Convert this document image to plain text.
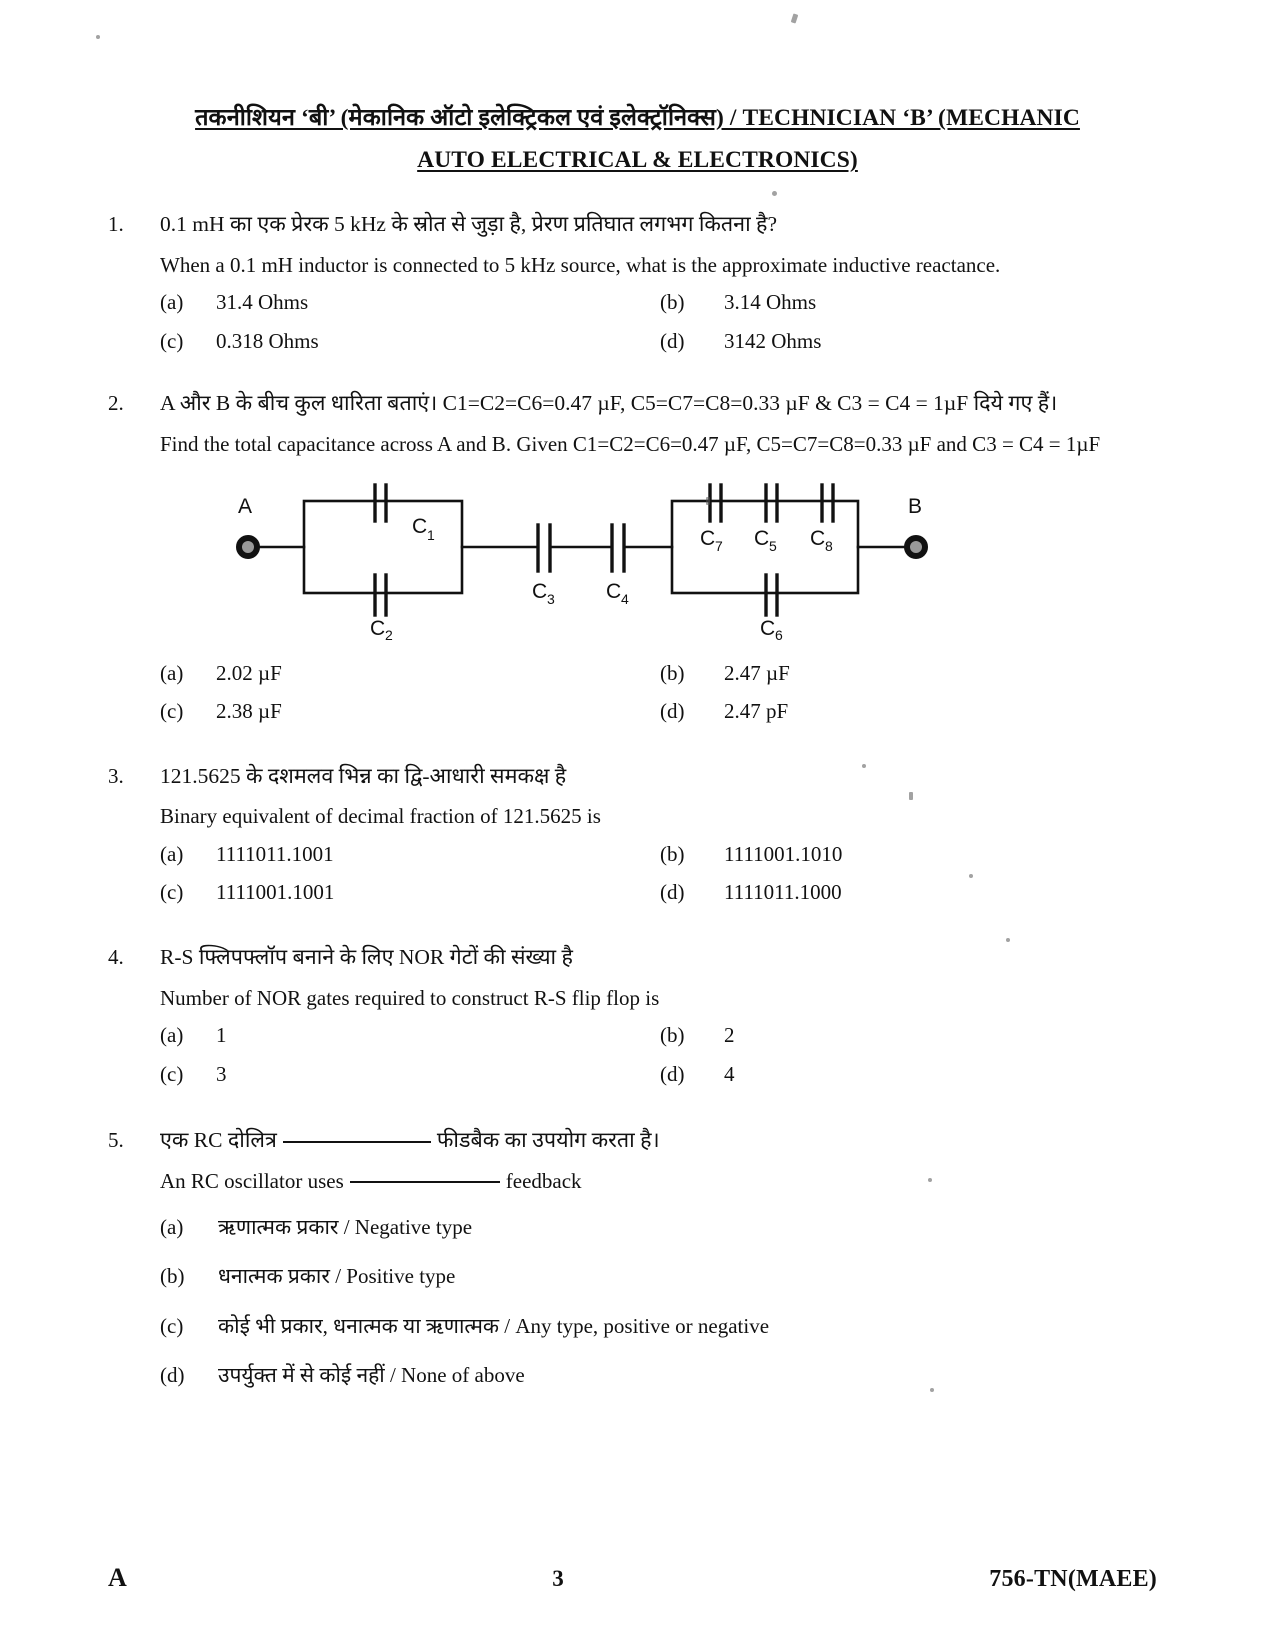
तकनीशियन ‘बी’ (मेकानिक ऑटो इलेक्ट्रिकल एवं इलेक्ट्रॉनिक्स) / TECHNICIAN ‘B’ (MECHANIC
AUTO ELECTRICAL & ELECTRONICS)
1.	0.1 mH का एक प्रेरक 5 kHz के स्रोत से जुड़ा है, प्रेरण प्रतिघात लगभग कितना है?

When a 0.1 mH inductor is connected to 5 kHz source, what is the approximate inductive reactance.

(a)	31.4 Ohms	(b)	3.14 Ohms
(c)	0.318 Ohms	(d)	3142 Ohms
2.	A और B के बीच कुल धारिता बताएं। C1=C2=C6=0.47 µF, C5=C7=C8=0.33 µF & C3 = C4 = 1µF दिये गए हैं।

Find the total capacitance across A and B. Given C1=C2=C6=0.47 µF, C5=C7=C8=0.33 µF and C3 = C4 = 1µF

A	B
C 1
C 2
C 3 C 4
C 7 C 5 C 8
C 6
(a)	2.02 µF	(b)	2.47 µF
(c)	2.38 µF	(d)	2.47 pF
3.	121.5625 के दशमलव भिन्न का द्वि-आधारी समकक्ष है

Binary equivalent of decimal fraction of 121.5625 is

(a)	1111011.1001	(b)	1111001.1010
(c)	1111001.1001	(d)	1111011.1000
4.	R-S फ्लिपफ्लॉप बनाने के लिए NOR गेटों की संख्या है

Number of NOR gates required to construct R-S flip flop is

(a)	1	(b)	2
(c)	3	(d)	4
5.	एक RC दोलित्र	फीडबैक का उपयोग करता है।

An RC oscillator uses	feedback

(a)	ऋणात्मक प्रकार / Negative type
(b)	धनात्मक प्रकार / Positive type
(c)	कोई भी प्रकार, धनात्मक या ऋणात्मक / Any type, positive or negative
(d)	उपर्युक्त में से कोई नहीं / None of above
A	3	756-TN(MAEE)
